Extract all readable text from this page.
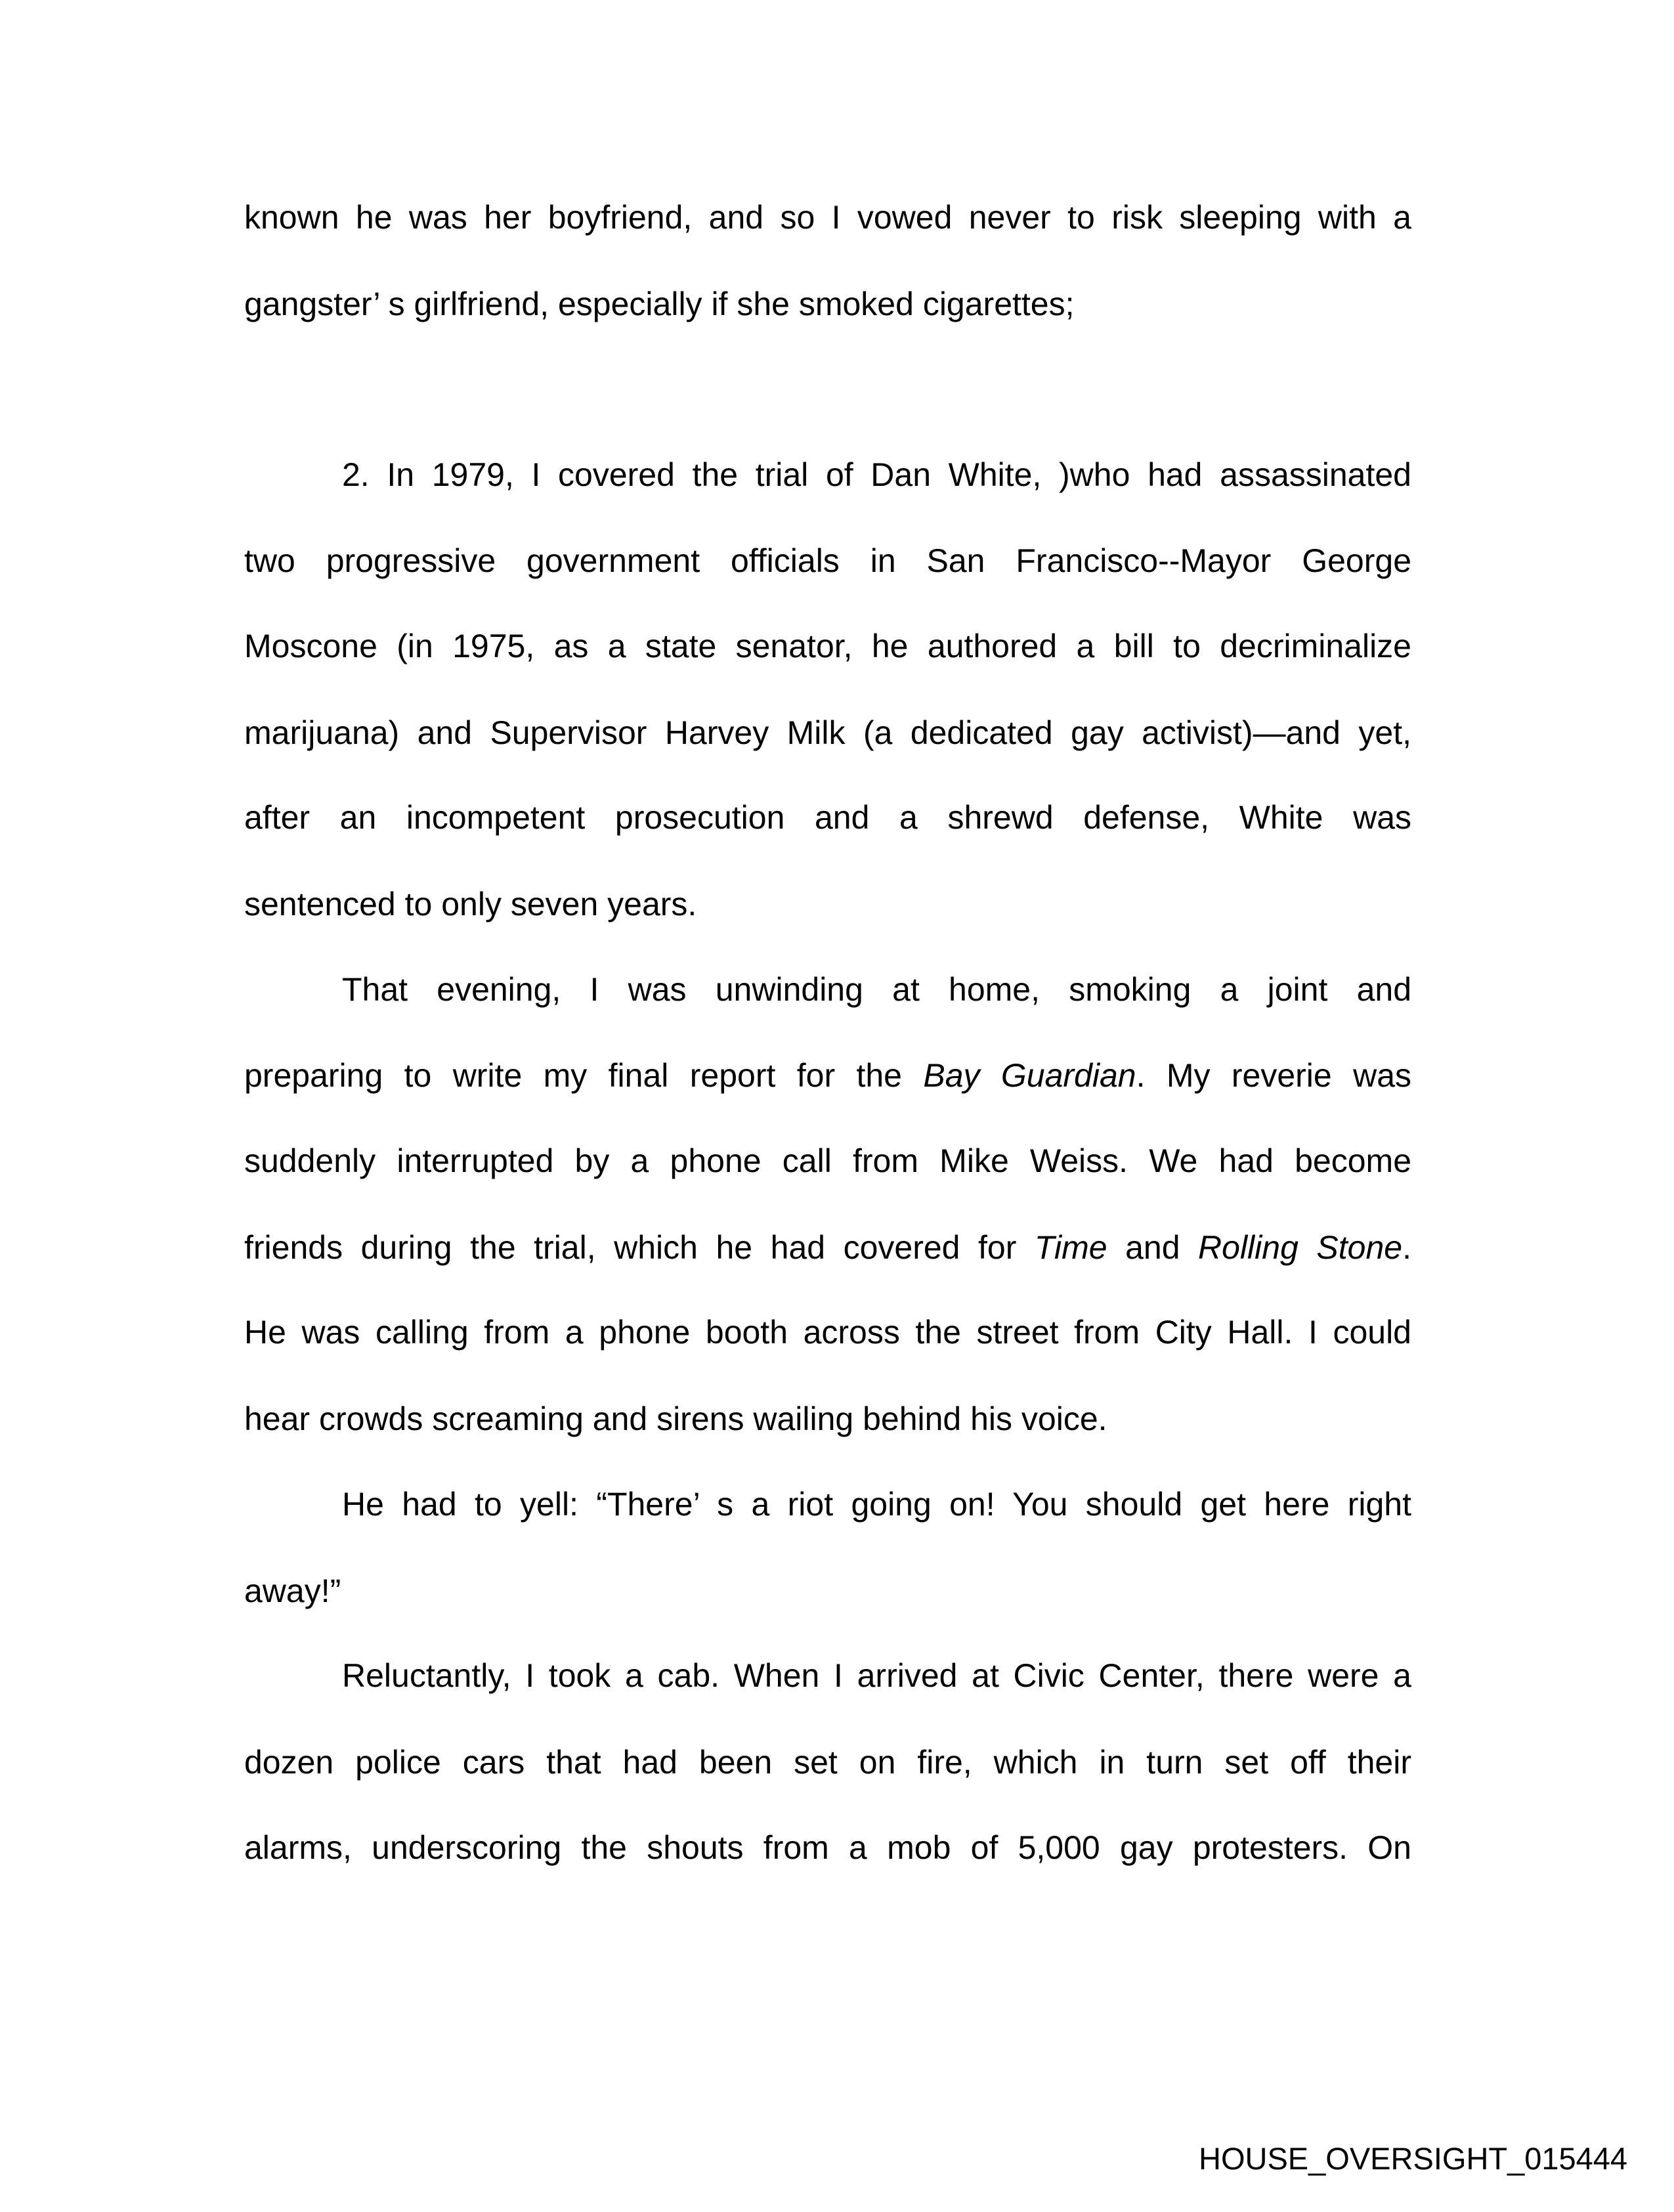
known he was her boyfriend, and so I vowed never to risk sleeping with a
gangster’ s girlfriend, especially if she smoked cigarettes;
2. In 1979, I covered the trial of Dan White, )who had assassinated
two progressive government officials in San Francisco--Mayor George
Moscone (in 1975, as a state senator, he authored a bill to decriminalize
marijuana) and Supervisor Harvey Milk (a dedicated gay activist)—and yet,
after an incompetent prosecution and a shrewd defense, White was
sentenced to only seven years.
That evening, I was unwinding at home, smoking a joint and
preparing to write my final report for the Bay Guardian. My reverie was
suddenly interrupted by a phone call from Mike Weiss. We had become
friends during the trial, which he had covered for Time and Rolling Stone.
He was calling from a phone booth across the street from City Hall. I could
hear crowds screaming and sirens wailing behind his voice.
He had to yell: “There’ s a riot going on! You should get here right
away!”
Reluctantly, I took a cab. When I arrived at Civic Center, there were a
dozen police cars that had been set on fire, which in turn set off their
alarms, underscoring the shouts from a mob of 5,000 gay protesters. On
HOUSE_OVERSIGHT_015444
